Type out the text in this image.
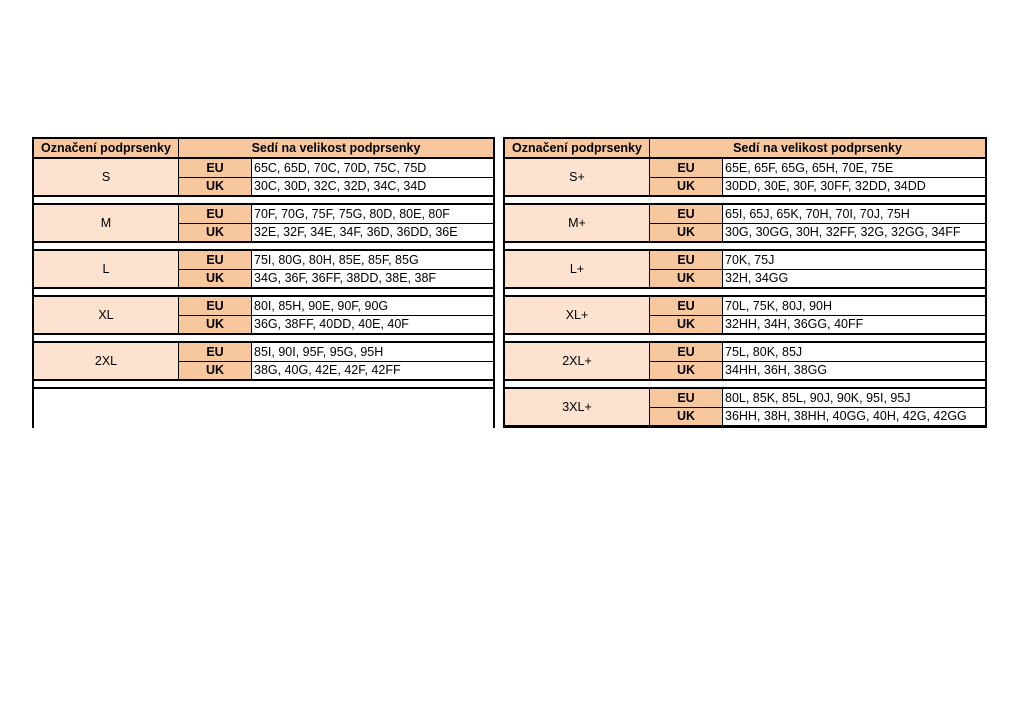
Označení podprsenky	Sedí na velikost podprsenky
S
EU	65C, 65D, 70C, 70D, 75C, 75D
UK	30C, 30D, 32C, 32D, 34C, 34D
M
EU	70F, 70G, 75F, 75G, 80D, 80E, 80F
UK	32E, 32F, 34E, 34F, 36D, 36DD, 36E
L
EU	75I, 80G, 80H, 85E, 85F, 85G
UK	34G, 36F, 36FF, 38DD, 38E, 38F
XL
EU	80I, 85H, 90E, 90F, 90G
UK	36G, 38FF, 40DD, 40E, 40F
2XL
EU	85I, 90I, 95F, 95G, 95H
UK	38G, 40G, 42E, 42F, 42FF
Označení podprsenky	Sedí na velikost podprsenky
S+	EU	65E, 65F, 65G, 65H, 70E, 75E
UK	30DD, 30E, 30F, 30FF, 32DD, 34DD
M+	EU	65I, 65J, 65K, 70H, 70I, 70J, 75H
UK	30G, 30GG, 30H, 32FF, 32G, 32GG, 34FF
L+	EU	70K, 75J
UK	32H, 34GG
XL+	EU	70L, 75K, 80J, 90H
UK	32HH, 34H, 36GG, 40FF
2XL+	EU	75L, 80K, 85J
UK	34HH, 36H, 38GG
3XL+	EU	80L, 85K, 85L, 90J, 90K, 95I, 95J
UK	36HH, 38H, 38HH, 40GG, 40H, 42G, 42GG
